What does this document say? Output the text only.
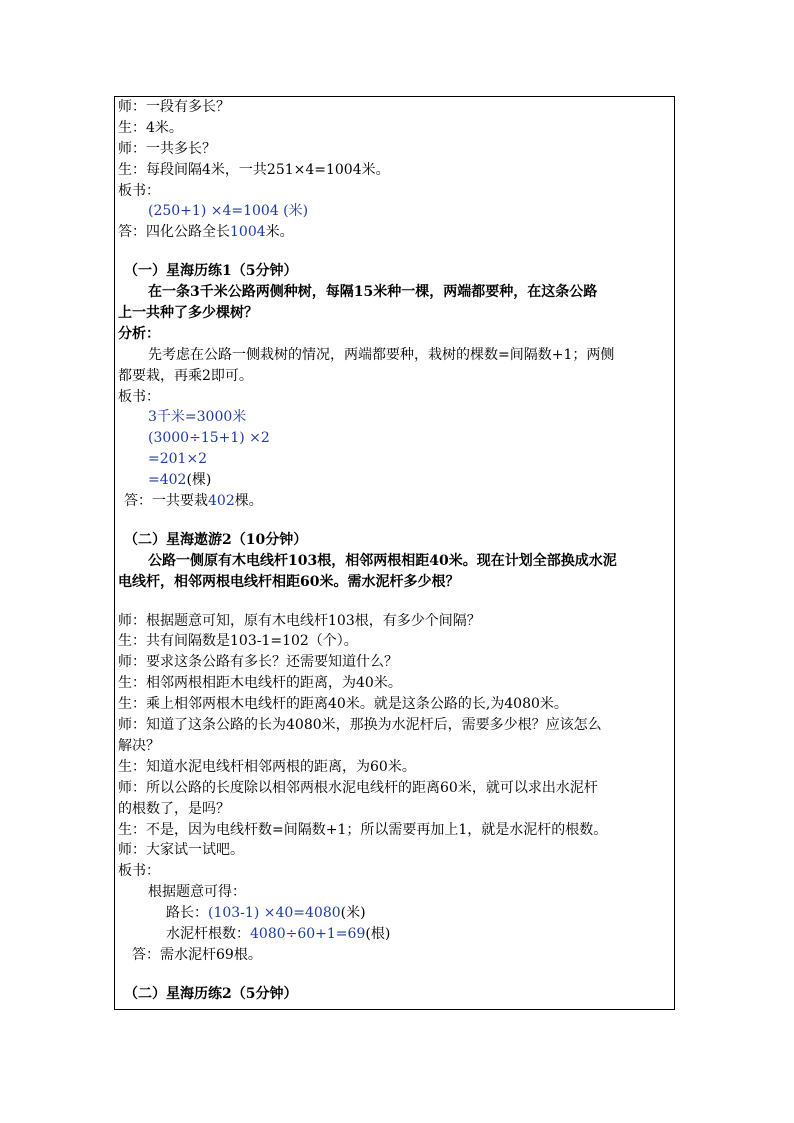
师：一段有多长？
生：4米。
师：一共多长？
生：每段间隔4米，一共251×4=1004米。
板书：
(250+1) ×4=1004 (米)
答：四化公路全长1004米。
（一）星海历练1（5分钟）
在一条3千米公路两侧种树，每隔15米种一棵，两端都要种，在这条公路
上一共种了多少棵树？
分析：
先考虑在公路一侧栽树的情况，两端都要种，栽树的棵数=间隔数+1；两侧
都要栽，再乘2即可。
板书：
3千米=3000米
(3000÷15+1) ×2
=201×2
=402(棵)
答：一共要栽402棵。
（二）星海遨游2（10分钟）
公路一侧原有木电线杆103根，相邻两根相距40米。现在计划全部换成水泥
电线杆，相邻两根电线杆相距60米。需水泥杆多少根？
师：根据题意可知，原有木电线杆103根，有多少个间隔？
生：共有间隔数是103-1=102（个）。
师：要求这条公路有多长？还需要知道什么？
生：相邻两根相距木电线杆的距离，为40米。
生：乘上相邻两根木电线杆的距离40米。就是这条公路的长,为4080米。
师：知道了这条公路的长为4080米，那换为水泥杆后，需要多少根？应该怎么
解决？
生：知道水泥电线杆相邻两根的距离，为60米。
师：所以公路的长度除以相邻两根水泥电线杆的距离60米，就可以求出水泥杆
的根数了，是吗？
生：不是，因为电线杆数=间隔数+1；所以需要再加上1，就是水泥杆的根数。
师：大家试一试吧。
板书：
根据题意可得：
路长：(103-1) ×40=4080(米)
水泥杆根数：4080÷60+1=69(根)
答：需水泥杆69根。
（二）星海历练2（5分钟）
